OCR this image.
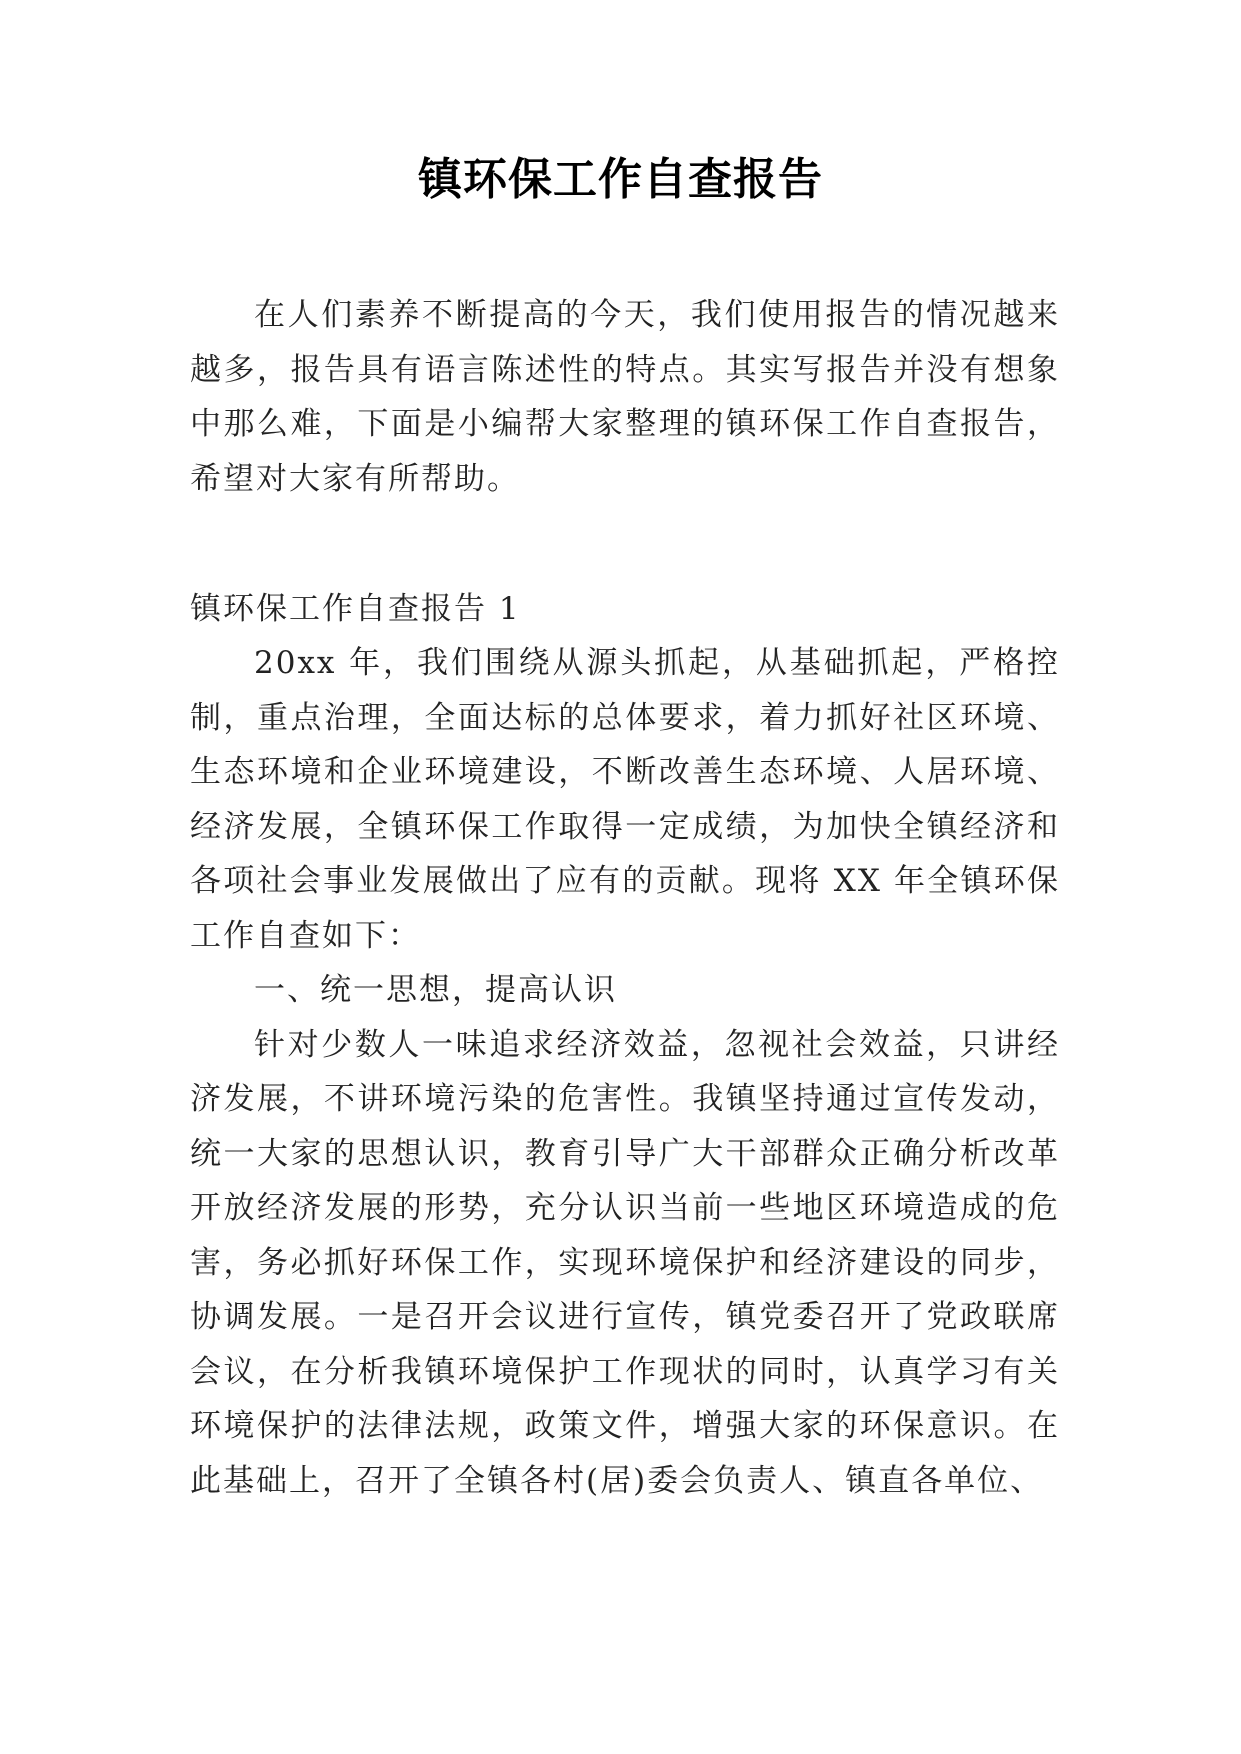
镇环保工作自查报告

在人们素养不断提高的今天，我们使用报告的情况越来越多，报告具有语言陈述性的特点。其实写报告并没有想象中那么难，下面是小编帮大家整理的镇环保工作自查报告，希望对大家有所帮助。

镇环保工作自查报告 1

20xx 年，我们围绕从源头抓起，从基础抓起，严格控制，重点治理，全面达标的总体要求，着力抓好社区环境、生态环境和企业环境建设，不断改善生态环境、人居环境、经济发展，全镇环保工作取得一定成绩，为加快全镇经济和各项社会事业发展做出了应有的贡献。现将 XX 年全镇环保工作自查如下：

一、统一思想，提高认识

针对少数人一味追求经济效益，忽视社会效益，只讲经济发展，不讲环境污染的危害性。我镇坚持通过宣传发动，统一大家的思想认识，教育引导广大干部群众正确分析改革开放经济发展的形势，充分认识当前一些地区环境造成的危害，务必抓好环保工作，实现环境保护和经济建设的同步，协调发展。一是召开会议进行宣传，镇党委召开了党政联席会议，在分析我镇环境保护工作现状的同时，认真学习有关环境保护的法律法规，政策文件，增强大家的环保意识。在此基础上，召开了全镇各村(居)委会负责人、镇直各单位、
